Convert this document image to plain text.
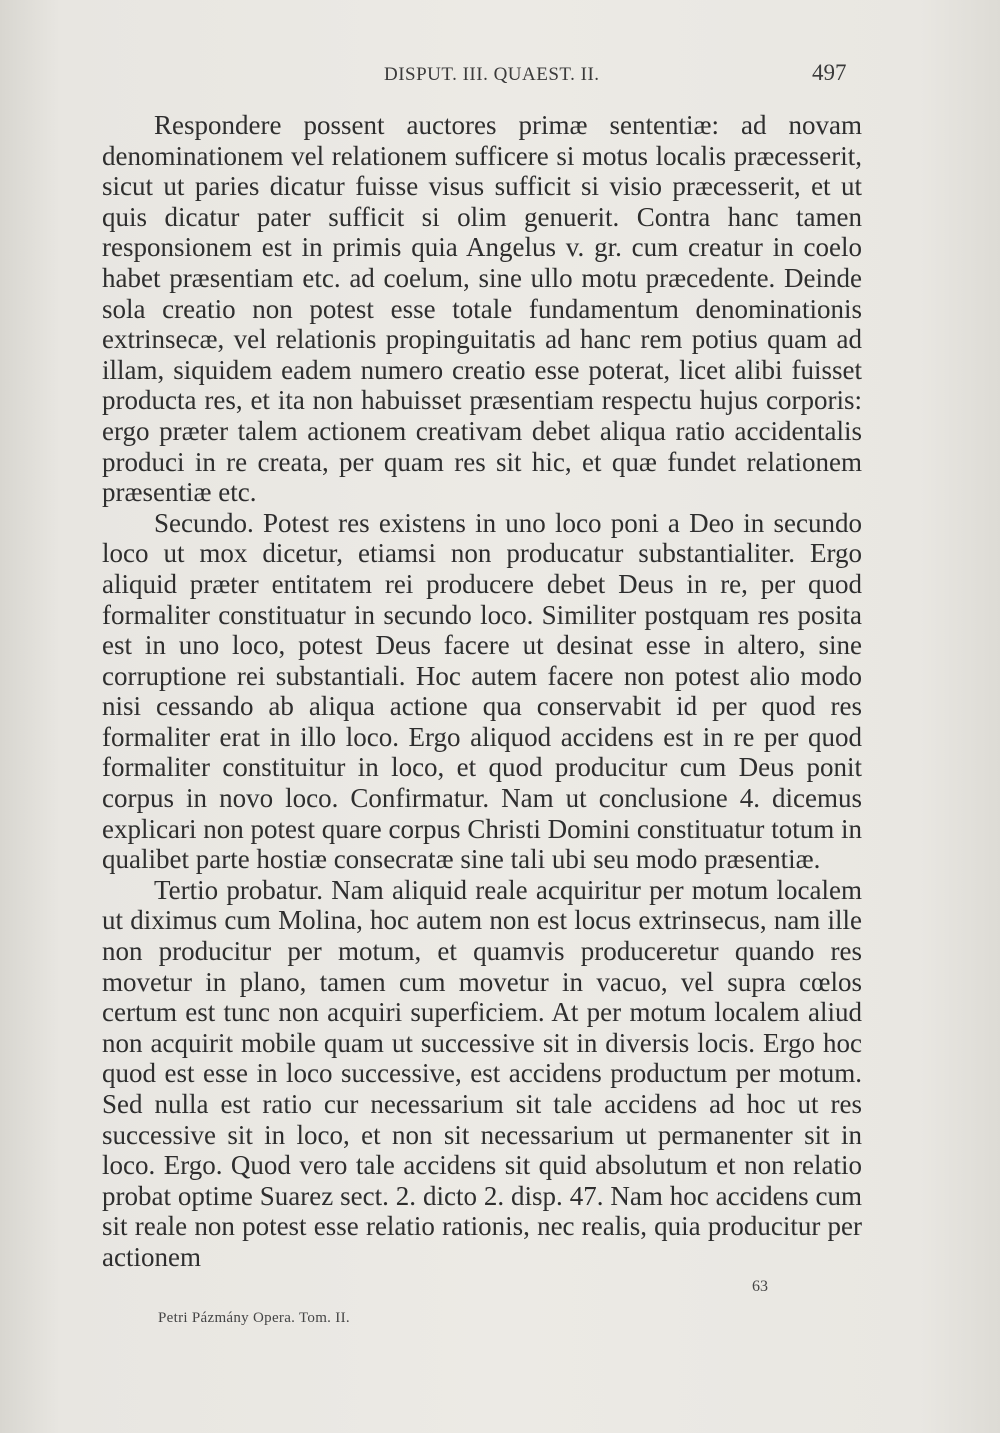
DISPUT. III. QUAEST. II.	497

Respondere possent auctores primæ sententiæ: ad novam denominationem vel relationem sufficere si motus localis præcesserit, sicut ut paries dicatur fuisse visus sufficit si visio præcesserit, et ut quis dicatur pater sufficit si olim genuerit. Contra hanc tamen responsionem est in primis quia Angelus v. gr. cum creatur in coelo habet præsentiam etc. ad coelum, sine ullo motu præcedente. Deinde sola creatio non potest esse totale fundamentum denominationis extrinsecæ, vel relationis propinguitatis ad hanc rem potius quam ad illam, siquidem eadem numero creatio esse poterat, licet alibi fuisset producta res, et ita non habuisset præsentiam respectu hujus corporis: ergo præter talem actionem creativam debet aliqua ratio accidentalis produci in re creata, per quam res sit hic, et quæ fundet relationem præsentiæ etc.

Secundo. Potest res existens in uno loco poni a Deo in secundo loco ut mox dicetur, etiamsi non producatur substantialiter. Ergo aliquid præter entitatem rei producere debet Deus in re, per quod formaliter constituatur in secundo loco. Similiter postquam res posita est in uno loco, potest Deus facere ut desinat esse in altero, sine corruptione rei substantiali. Hoc autem facere non potest alio modo nisi cessando ab aliqua actione qua conservabit id per quod res formaliter erat in illo loco. Ergo aliquod accidens est in re per quod formaliter constituitur in loco, et quod producitur cum Deus ponit corpus in novo loco. Confirmatur. Nam ut conclusione 4. dicemus explicari non potest quare corpus Christi Domini constituatur totum in qualibet parte hostiæ consecratæ sine tali ubi seu modo præsentiæ.

Tertio probatur. Nam aliquid reale acquiritur per motum localem ut diximus cum Molina, hoc autem non est locus extrinsecus, nam ille non producitur per motum, et quamvis produceretur quando res movetur in plano, tamen cum movetur in vacuo, vel supra cœlos certum est tunc non acquiri superficiem. At per motum localem aliud non acquirit mobile quam ut successive sit in diversis locis. Ergo hoc quod est esse in loco successive, est accidens productum per motum. Sed nulla est ratio cur necessarium sit tale accidens ad hoc ut res successive sit in loco, et non sit necessarium ut permanenter sit in loco. Ergo. Quod vero tale accidens sit quid absolutum et non relatio probat optime Suarez sect. 2. dicto 2. disp. 47. Nam hoc accidens cum sit reale non potest esse relatio rationis, nec realis, quia producitur per actionem

63
Petri Pázmány Opera. Tom. II.
